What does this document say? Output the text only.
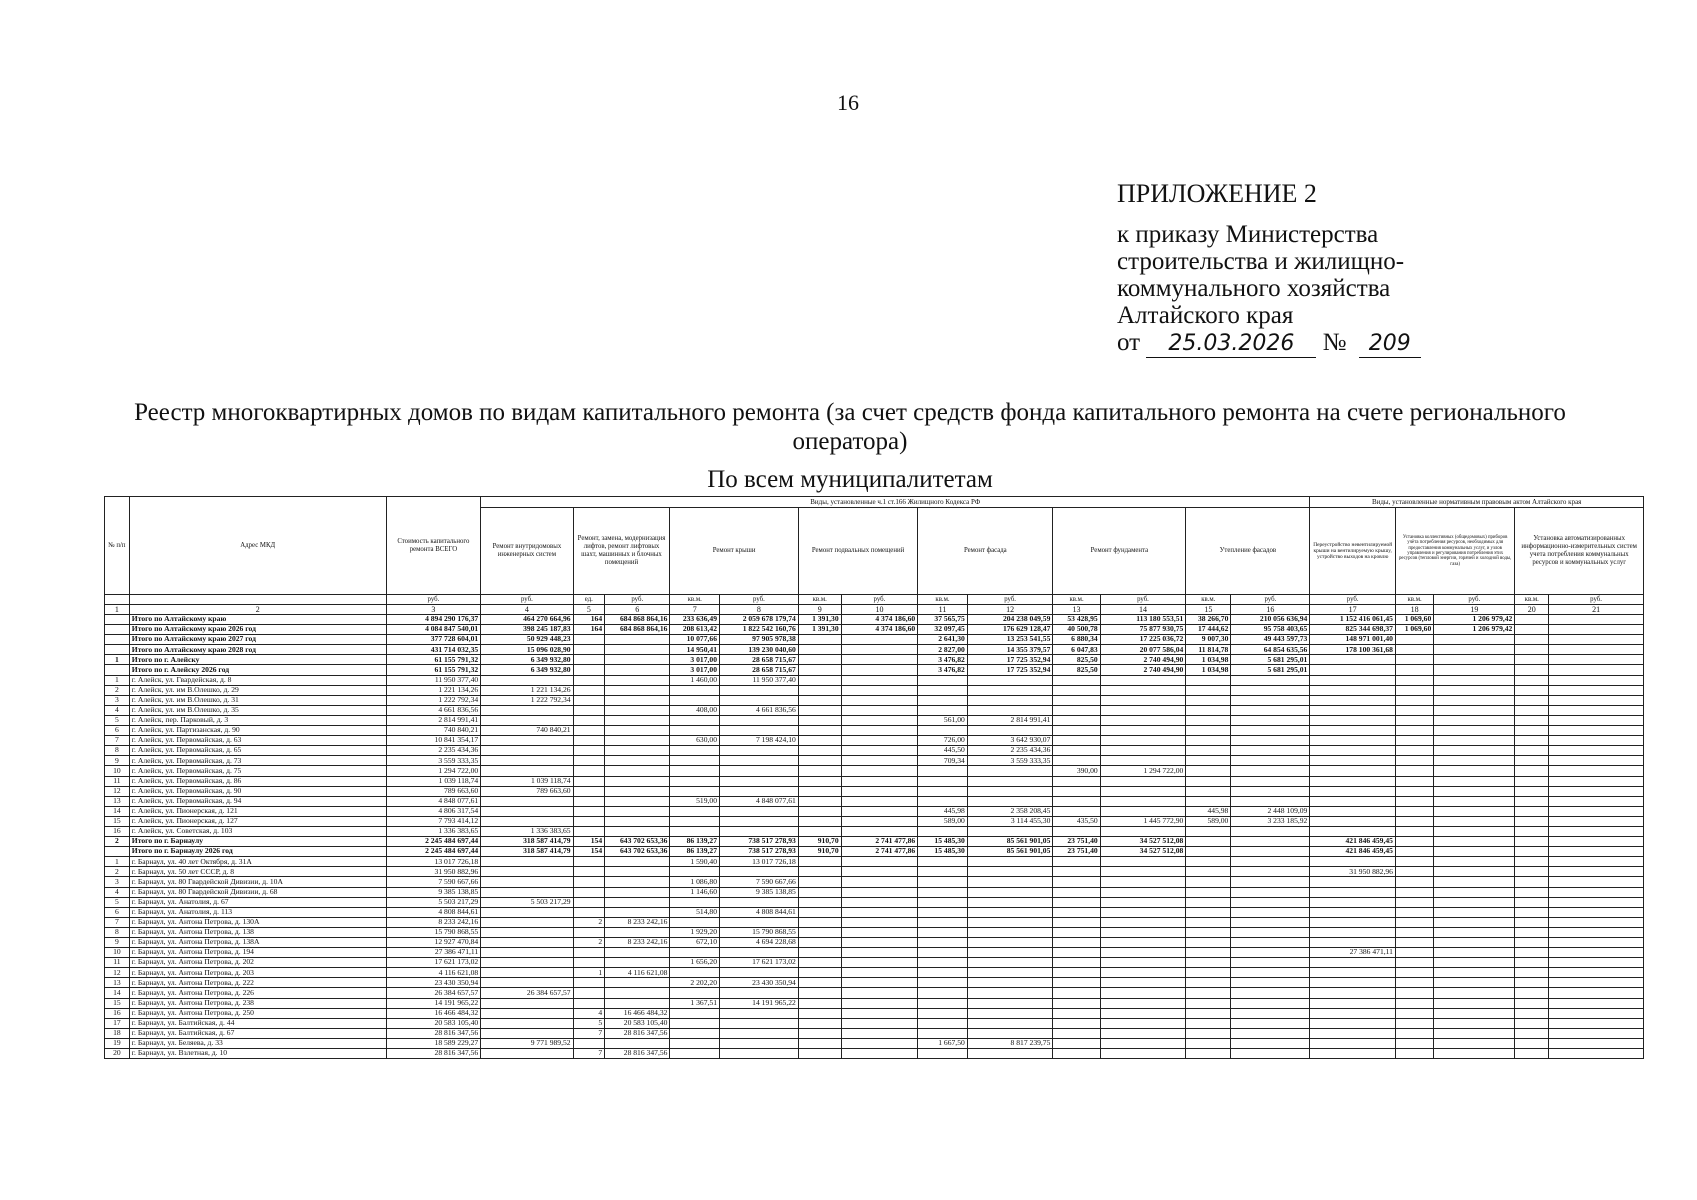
16
ПРИЛОЖЕНИЕ 2
к приказу Министерства
строительства и жилищно-
коммунального хозяйства
Алтайского края
от 25.03.2026 № 209
Реестр многоквартирных домов по видам капитального ремонта (за счет средств фонда капитального ремонта на счете регионального оператора)
По всем муниципалитетам
№ п/п	Адрес МКД	Стоимость капитального ремонта ВСЕГО	Виды, установленные ч.1 ст.166 Жилищного Кодекса РФ													Виды, установленные нормативным правовым актом Алтайского края				
			Ремонт внутридомовых инженерных систем	Ремонт, замена, модернизация лифтов, ремонт лифтовых шахт, машинных и блочных помещений		Ремонт крыши		Ремонт подвальных помещений		Ремонт фасада		Ремонт фундамента		Утепление фасадов		Переустройство невентилируемой крыши на вентилируемую крышу, устройство выходов на кровлю	Установка коллективных (общедомовых) приборов учёта потребления ресурсов, необходимых для предоставления коммунальных услуг, и узлов управления и регулирования потребления этих ресурсов (тепловой энергии, горячей и холодной воды, газа)		Установка автоматизированных информационно-измерительных систем учета потребления коммунальных ресурсов и коммунальных услуг	
		руб.	руб.	ед.	руб.	кв.м.	руб.	кв.м.	руб.	кв.м.	руб.	кв.м.	руб.	кв.м.	руб.	руб.	кв.м.	руб.	кв.м.	руб.
1	2	3	4	5	6	7	8	9	10	11	12	13	14	15	16	17	18	19	20	21
	Итого по Алтайскому краю	4 894 290 176,37	464 270 664,96	164	684 868 864,16	233 636,49	2 059 678 179,74	1 391,30	4 374 186,60	37 565,75	204 238 049,59	53 428,95	113 180 553,51	38 266,70	210 056 636,94	1 152 416 061,45	1 069,60	1 206 979,42		
	Итого по Алтайскому краю 2026 год	4 084 847 540,01	398 245 187,83	164	684 868 864,16	208 613,42	1 822 542 160,76	1 391,30	4 374 186,60	32 097,45	176 629 128,47	40 500,78	75 877 930,75	17 444,62	95 758 403,65	825 344 698,37	1 069,60	1 206 979,42		
	Итого по Алтайскому краю 2027 год	377 728 604,01	50 929 448,23			10 077,66	97 905 978,38			2 641,30	13 253 541,55	6 880,34	17 225 036,72	9 007,30	49 443 597,73	148 971 001,40				
	Итого по Алтайскому краю 2028 год	431 714 032,35	15 096 028,90			14 950,41	139 230 040,60			2 827,00	14 355 379,57	6 047,83	20 077 586,04	11 814,78	64 854 635,56	178 100 361,68				
1	Итого по г. Алейску	61 155 791,32	6 349 932,80			3 017,00	28 658 715,67			3 476,82	17 725 352,94	825,50	2 740 494,90	1 034,98	5 681 295,01					
	Итого по г. Алейску 2026 год	61 155 791,32	6 349 932,80			3 017,00	28 658 715,67			3 476,82	17 725 352,94	825,50	2 740 494,90	1 034,98	5 681 295,01					
1	г. Алейск, ул. Гвардейская, д. 8	11 950 377,40				1 460,00	11 950 377,40													
2	г. Алейск, ул. им В.Олешко, д. 29	1 221 134,26	1 221 134,26																	
3	г. Алейск, ул. им В.Олешко, д. 31	1 222 792,34	1 222 792,34																	
4	г. Алейск, ул. им В.Олешко, д. 35	4 661 836,56				408,00	4 661 836,56													
5	г. Алейск, пер. Парковый, д. 3	2 814 991,41								561,00	2 814 991,41									
6	г. Алейск, ул. Партизанская, д. 90	740 840,21	740 840,21																	
7	г. Алейск, ул. Первомайская, д. 63	10 841 354,17				630,00	7 198 424,10			726,00	3 642 930,07									
8	г. Алейск, ул. Первомайская, д. 65	2 235 434,36								445,50	2 235 434,36									
9	г. Алейск, ул. Первомайская, д. 73	3 559 333,35								709,34	3 559 333,35									
10	г. Алейск, ул. Первомайская, д. 75	1 294 722,00										390,00	1 294 722,00							
11	г. Алейск, ул. Первомайская, д. 86	1 039 118,74	1 039 118,74																	
12	г. Алейск, ул. Первомайская, д. 90	789 663,60	789 663,60																	
13	г. Алейск, ул. Первомайская, д. 94	4 848 077,61				519,00	4 848 077,61													
14	г. Алейск, ул. Пионерская, д. 121	4 806 317,54								445,98	2 358 208,45			445,98	2 448 109,09					
15	г. Алейск, ул. Пионерская, д. 127	7 793 414,12								589,00	3 114 455,30	435,50	1 445 772,90	589,00	3 233 185,92					
16	г. Алейск, ул. Советская, д. 103	1 336 383,65	1 336 383,65																	
2	Итого по г. Барнаулу	2 245 484 697,44	318 587 414,79	154	643 702 653,36	86 139,27	738 517 278,93	910,70	2 741 477,86	15 485,30	85 561 901,05	23 751,40	34 527 512,08			421 846 459,45				
	Итого по г. Барнаулу 2026 год	2 245 484 697,44	318 587 414,79	154	643 702 653,36	86 139,27	738 517 278,93	910,70	2 741 477,86	15 485,30	85 561 901,05	23 751,40	34 527 512,08			421 846 459,45				
1	г. Барнаул, ул. 40 лет Октября, д. 31А	13 017 726,18				1 590,40	13 017 726,18													
2	г. Барнаул, ул. 50 лет СССР, д. 8	31 950 882,96														31 950 882,96				
3	г. Барнаул, ул. 80 Гвардейской Дивизии, д. 10А	7 590 667,66				1 086,80	7 590 667,66													
4	г. Барнаул, ул. 80 Гвардейской Дивизии, д. 68	9 385 138,85				1 146,60	9 385 138,85													
5	г. Барнаул, ул. Анатолия, д. 67	5 503 217,29	5 503 217,29																	
6	г. Барнаул, ул. Анатолия, д. 113	4 808 844,61				514,80	4 808 844,61													
7	г. Барнаул, ул. Антона Петрова, д. 130А	8 233 242,16		2	8 233 242,16															
8	г. Барнаул, ул. Антона Петрова, д. 138	15 790 868,55				1 929,20	15 790 868,55													
9	г. Барнаул, ул. Антона Петрова, д. 138А	12 927 470,84		2	8 233 242,16	672,10	4 694 228,68													
10	г. Барнаул, ул. Антона Петрова, д. 194	27 386 471,11														27 386 471,11				
11	г. Барнаул, ул. Антона Петрова, д. 202	17 621 173,02				1 656,20	17 621 173,02													
12	г. Барнаул, ул. Антона Петрова, д. 203	4 116 621,08		1	4 116 621,08															
13	г. Барнаул, ул. Антона Петрова, д. 222	23 430 350,94				2 202,20	23 430 350,94													
14	г. Барнаул, ул. Антона Петрова, д. 226	26 384 657,57	26 384 657,57																	
15	г. Барнаул, ул. Антона Петрова, д. 238	14 191 965,22				1 367,51	14 191 965,22													
16	г. Барнаул, ул. Антона Петрова, д. 250	16 466 484,32		4	16 466 484,32															
17	г. Барнаул, ул. Балтийская, д. 44	20 583 105,40		5	20 583 105,40															
18	г. Барнаул, ул. Балтийская, д. 67	28 816 347,56		7	28 816 347,56															
19	г. Барнаул, ул. Беляева, д. 33	18 589 229,27	9 771 989,52							1 667,50	8 817 239,75									
20	г. Барнаул, ул. Взлетная, д. 10	28 816 347,56		7	28 816 347,56															
